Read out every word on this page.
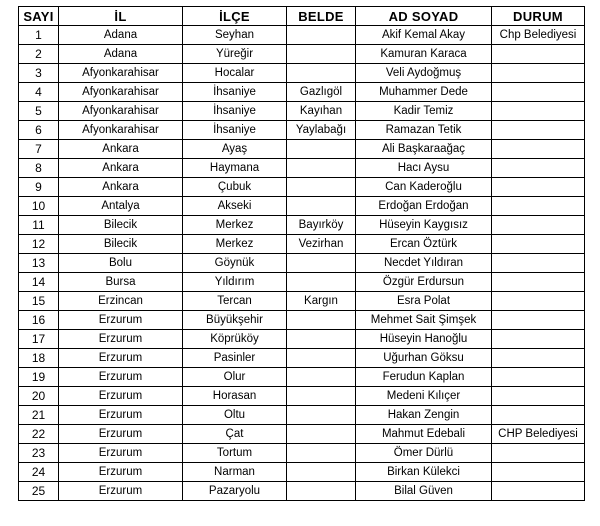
SAYI	İL	İLÇE	BELDE	AD SOYAD	DURUM
1	Adana	Seyhan		Akif Kemal Akay	Chp Belediyesi
2	Adana	Yüreğir		Kamuran Karaca	
3	Afyonkarahisar	Hocalar		Veli Aydoğmuş	
4	Afyonkarahisar	İhsaniye	Gazlıgöl	Muhammer Dede	
5	Afyonkarahisar	İhsaniye	Kayıhan	Kadir Temiz	
6	Afyonkarahisar	İhsaniye	Yaylabağı	Ramazan Tetik	
7	Ankara	Ayaş		Ali Başkaraağaç	
8	Ankara	Haymana		Hacı Aysu	
9	Ankara	Çubuk		Can Kaderoğlu	
10	Antalya	Akseki		Erdoğan Erdoğan	
11	Bilecik	Merkez	Bayırköy	Hüseyin Kaygısız	
12	Bilecik	Merkez	Vezirhan	Ercan Öztürk	
13	Bolu	Göynük		Necdet Yıldıran	
14	Bursa	Yıldırım		Özgür Erdursun	
15	Erzincan	Tercan	Kargın	Esra Polat	
16	Erzurum	Büyükşehir		Mehmet Sait Şimşek	
17	Erzurum	Köprüköy		Hüseyin Hanoğlu	
18	Erzurum	Pasinler		Uğurhan Göksu	
19	Erzurum	Olur		Ferudun Kaplan	
20	Erzurum	Horasan		Medeni Kılıçer	
21	Erzurum	Oltu		Hakan Zengin	
22	Erzurum	Çat		Mahmut Edebali	CHP Belediyesi
23	Erzurum	Tortum		Ömer Dürlü	
24	Erzurum	Narman		Birkan Külekci	
25	Erzurum	Pazaryolu		Bilal Güven	
